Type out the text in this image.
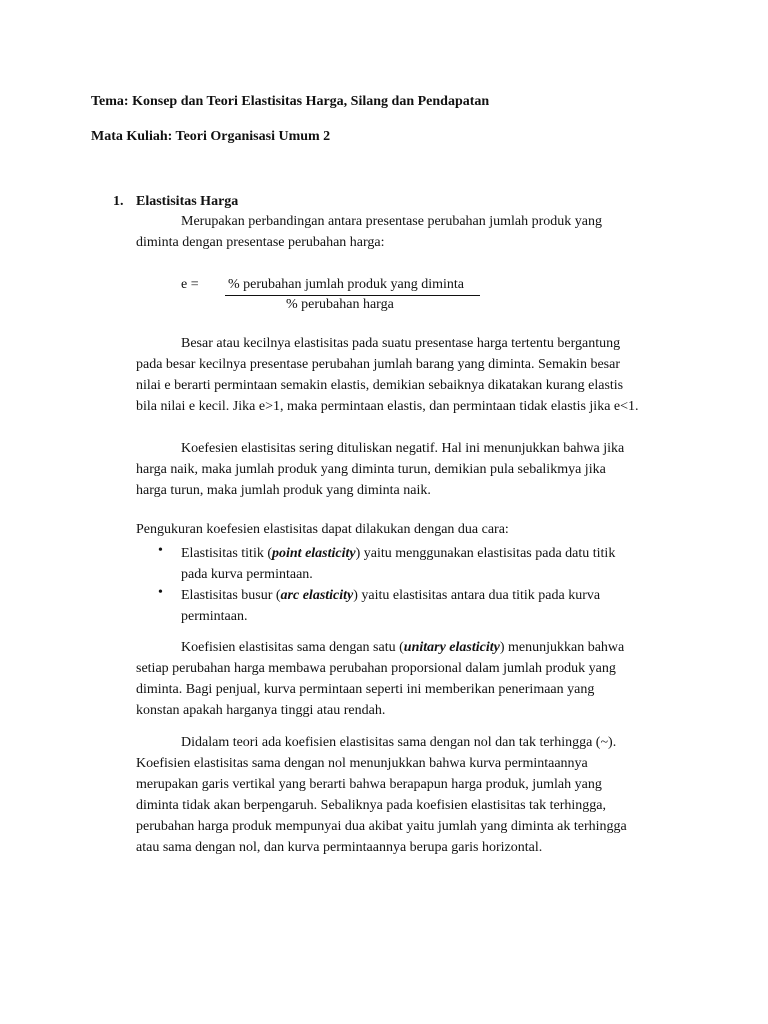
Tema: Konsep dan Teori Elastisitas Harga, Silang dan Pendapatan

Mata Kuliah: Teori Organisasi Umum 2

1. Elastisitas Harga
Merupakan perbandingan antara presentase perubahan jumlah produk yang
diminta dengan presentase perubahan harga:
e = % perubahan jumlah produk yang diminta
% perubahan harga
Besar atau kecilnya elastisitas pada suatu presentase harga tertentu bergantung
pada besar kecilnya presentase perubahan jumlah barang yang diminta. Semakin besar
nilai e berarti permintaan semakin elastis, demikian sebaiknya dikatakan kurang elastis
bila nilai e kecil. Jika e>1, maka permintaan elastis, dan permintaan tidak elastis jika e<1.
Koefesien elastisitas sering dituliskan negatif. Hal ini menunjukkan bahwa jika
harga naik, maka jumlah produk yang diminta turun, demikian pula sebalikmya jika
harga turun, maka jumlah produk yang diminta naik.

Pengukuran koefesien elastisitas dapat dilakukan dengan dua cara:

• Elastisitas titik (point elasticity) yaitu menggunakan elastisitas pada datu titik
pada kurva permintaan.
• Elastisitas busur (arc elasticity) yaitu elastisitas antara dua titik pada kurva
permintaan.
Koefisien elastisitas sama dengan satu (unitary elasticity) menunjukkan bahwa
setiap perubahan harga membawa perubahan proporsional dalam jumlah produk yang
diminta. Bagi penjual, kurva permintaan seperti ini memberikan penerimaan yang
konstan apakah harganya tinggi atau rendah.
Didalam teori ada koefisien elastisitas sama dengan nol dan tak terhingga (~).
Koefisien elastisitas sama dengan nol menunjukkan bahwa kurva permintaannya
merupakan garis vertikal yang berarti bahwa berapapun harga produk, jumlah yang
diminta tidak akan berpengaruh. Sebaliknya pada koefisien elastisitas tak terhingga,
perubahan harga produk mempunyai dua akibat yaitu jumlah yang diminta ak terhingga
atau sama dengan nol, dan kurva permintaannya berupa garis horizontal.
